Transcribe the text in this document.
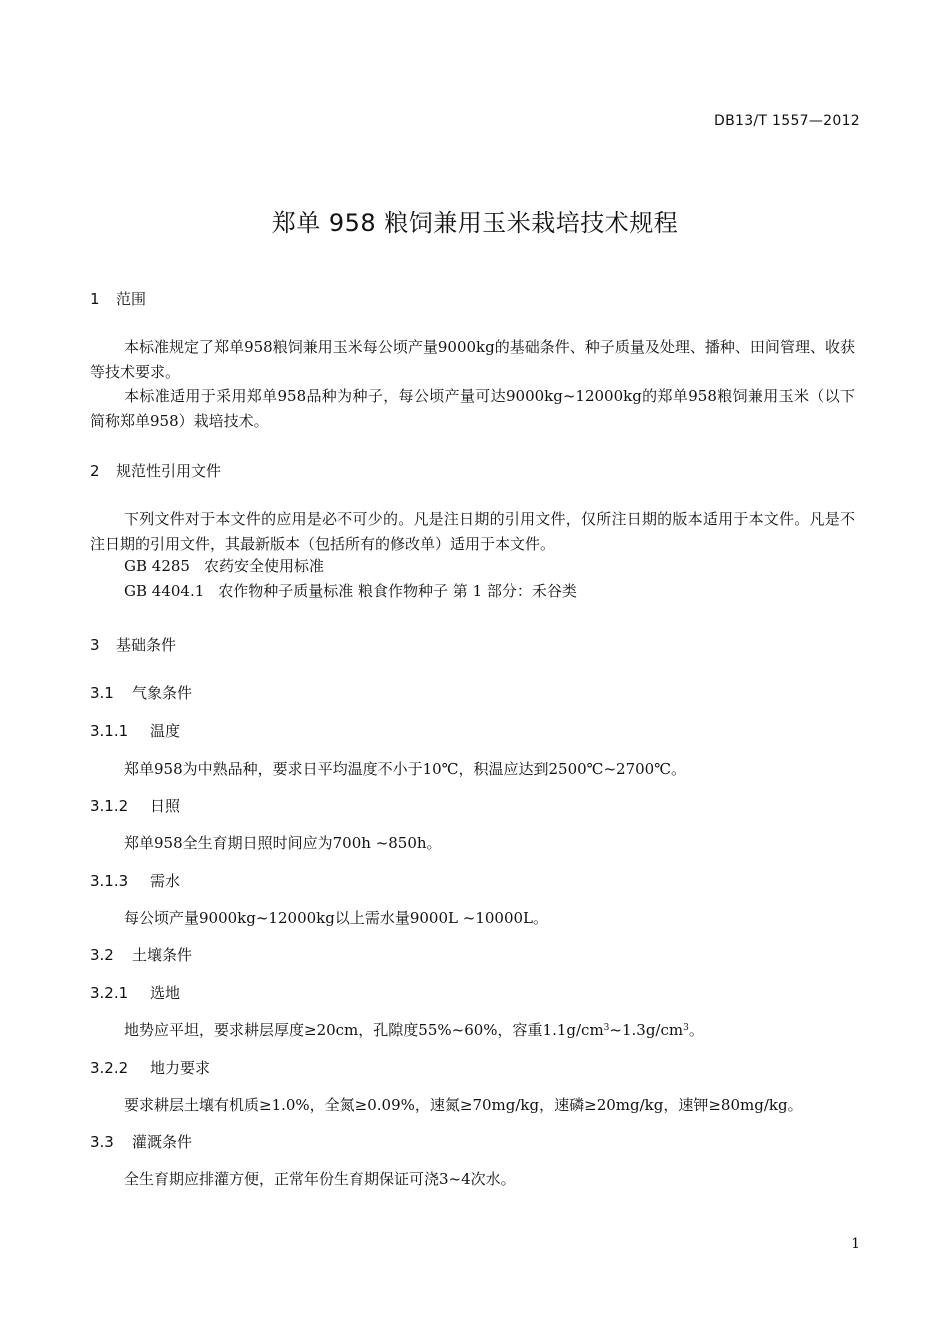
DB13/T 1557—2012
郑单 958 粮饲兼用玉米栽培技术规程
1 范围
本标准规定了郑单958粮饲兼用玉米每公顷产量9000kg的基础条件、种子质量及处理、播种、田间管理、收获等技术要求。
本标准适用于采用郑单958品种为种子，每公顷产量可达9000kg~12000kg的郑单958粮饲兼用玉米（以下简称郑单958）栽培技术。
2 规范性引用文件
下列文件对于本文件的应用是必不可少的。凡是注日期的引用文件，仅所注日期的版本适用于本文件。凡是不注日期的引用文件，其最新版本（包括所有的修改单）适用于本文件。
GB 4285 农药安全使用标准
GB 4404.1 农作物种子质量标准 粮食作物种子 第 1 部分：禾谷类
3 基础条件
3.1 气象条件
3.1.1 温度
郑单958为中熟品种，要求日平均温度不小于10℃，积温应达到2500℃~2700℃。
3.1.2 日照
郑单958全生育期日照时间应为700h ~850h。
3.1.3 需水
每公顷产量9000kg~12000kg以上需水量9000L ~10000L。
3.2 土壤条件
3.2.1 选地
地势应平坦，要求耕层厚度≥20cm，孔隙度55%~60%，容重$1.1g/cm^3\sim 1.3g/cm^3$。
3.2.2 地力要求
要求耕层土壤有机质≥1.0%，全氮≥0.09%，速氮≥70mg/kg，速磷≥20mg/kg，速钾≥80mg/kg。
3.3 灌溉条件
全生育期应排灌方便，正常年份生育期保证可浇3~4次水。
1
